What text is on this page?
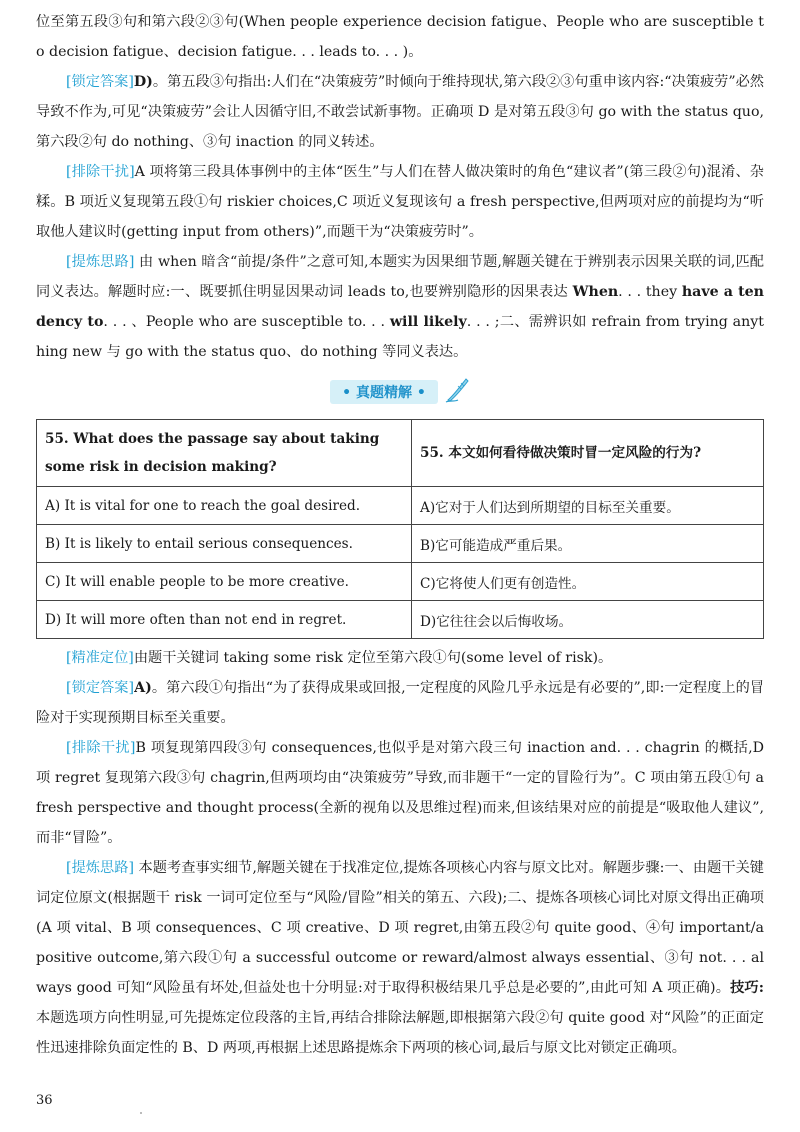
位至第五段③句和第六段②③句(When people experience decision fatigue、People who are susceptible to decision fatigue、decision fatigue. . . leads to. . . )。

[锁定答案]D)。第五段③句指出:人们在“决策疲劳”时倾向于维持现状,第六段②③句重申该内容:“决策疲劳”必然导致不作为,可见“决策疲劳”会让人因循守旧,不敢尝试新事物。正确项 D 是对第五段③句 go with the status quo,第六段②句 do nothing、③句 inaction 的同义转述。

[排除干扰]A 项将第三段具体事例中的主体“医生”与人们在替人做决策时的角色“建议者”(第三段②句)混淆、杂糅。B 项近义复现第五段①句 riskier choices,C 项近义复现该句 a fresh perspective,但两项对应的前提均为“听取他人建议时(getting input from others)”,而题干为“决策疲劳时”。

[提炼思路] 由 when 暗含“前提/条件”之意可知,本题实为因果细节题,解题关键在于辨别表示因果关联的词,匹配同义表达。解题时应:一、既要抓住明显因果动词 leads to,也要辨别隐形的因果表达 When. . . they have a tendency to. . . 、People who are susceptible to. . . will likely. . . ;二、需辨识如 refrain from trying anything new 与 go with the status quo、do nothing 等同义表达。

• 真题精解 •
55. What does the passage say about taking some risk in decision making?	55. 本文如何看待做决策时冒一定风险的行为?
A) It is vital for one to reach the goal desired.	A)它对于人们达到所期望的目标至关重要。
B) It is likely to entail serious consequences.	B)它可能造成严重后果。
C) It will enable people to be more creative.	C)它将使人们更有创造性。
D) It will more often than not end in regret.	D)它往往会以后悔收场。

[精准定位]由题干关键词 taking some risk 定位至第六段①句(some level of risk)。

[锁定答案]A)。第六段①句指出“为了获得成果或回报,一定程度的风险几乎永远是有必要的”,即:一定程度上的冒险对于实现预期目标至关重要。

[排除干扰]B 项复现第四段③句 consequences,也似乎是对第六段三句 inaction and. . . chagrin 的概括,D 项 regret 复现第六段③句 chagrin,但两项均由“决策疲劳”导致,而非题干“一定的冒险行为”。C 项由第五段①句 a fresh perspective and thought process(全新的视角以及思维过程)而来,但该结果对应的前提是“吸取他人建议”,而非“冒险”。

[提炼思路] 本题考查事实细节,解题关键在于找准定位,提炼各项核心内容与原文比对。解题步骤:一、由题干关键词定位原文(根据题干 risk 一词可定位至与“风险/冒险”相关的第五、六段);二、提炼各项核心词比对原文得出正确项(A 项 vital、B 项 consequences、C 项 creative、D 项 regret,由第五段②句 quite good、④句 important/a positive outcome,第六段①句 a successful outcome or reward/almost always essential、③句 not. . . always good 可知“风险虽有坏处,但益处也十分明显:对于取得积极结果几乎总是必要的”,由此可知 A 项正确)。技巧:本题选项方向性明显,可先提炼定位段落的主旨,再结合排除法解题,即根据第六段②句 quite good 对“风险”的正面定性迅速排除负面定性的 B、D 两项,再根据上述思路提炼余下两项的核心词,最后与原文比对锁定正确项。

36
